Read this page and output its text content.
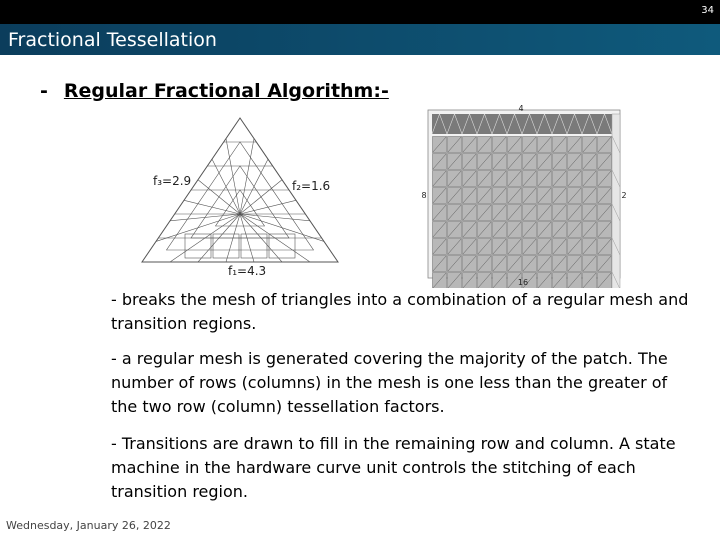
34
Fractional Tessellation
- Regular Fractional Algorithm:-
f₃=2.9	f₂=1.6
f₁=4.3
4
8	2
16
- breaks the mesh of triangles into a combination of a regular mesh and transition regions.
- a regular mesh is generated covering the majority of the patch. The number of rows (columns) in the mesh is one less than the greater of the two row (column) tessellation factors.
- Transitions are drawn to fill in the remaining row and column. A state machine in the hardware curve unit controls the stitching of each transition region.
Wednesday, January 26, 2022
